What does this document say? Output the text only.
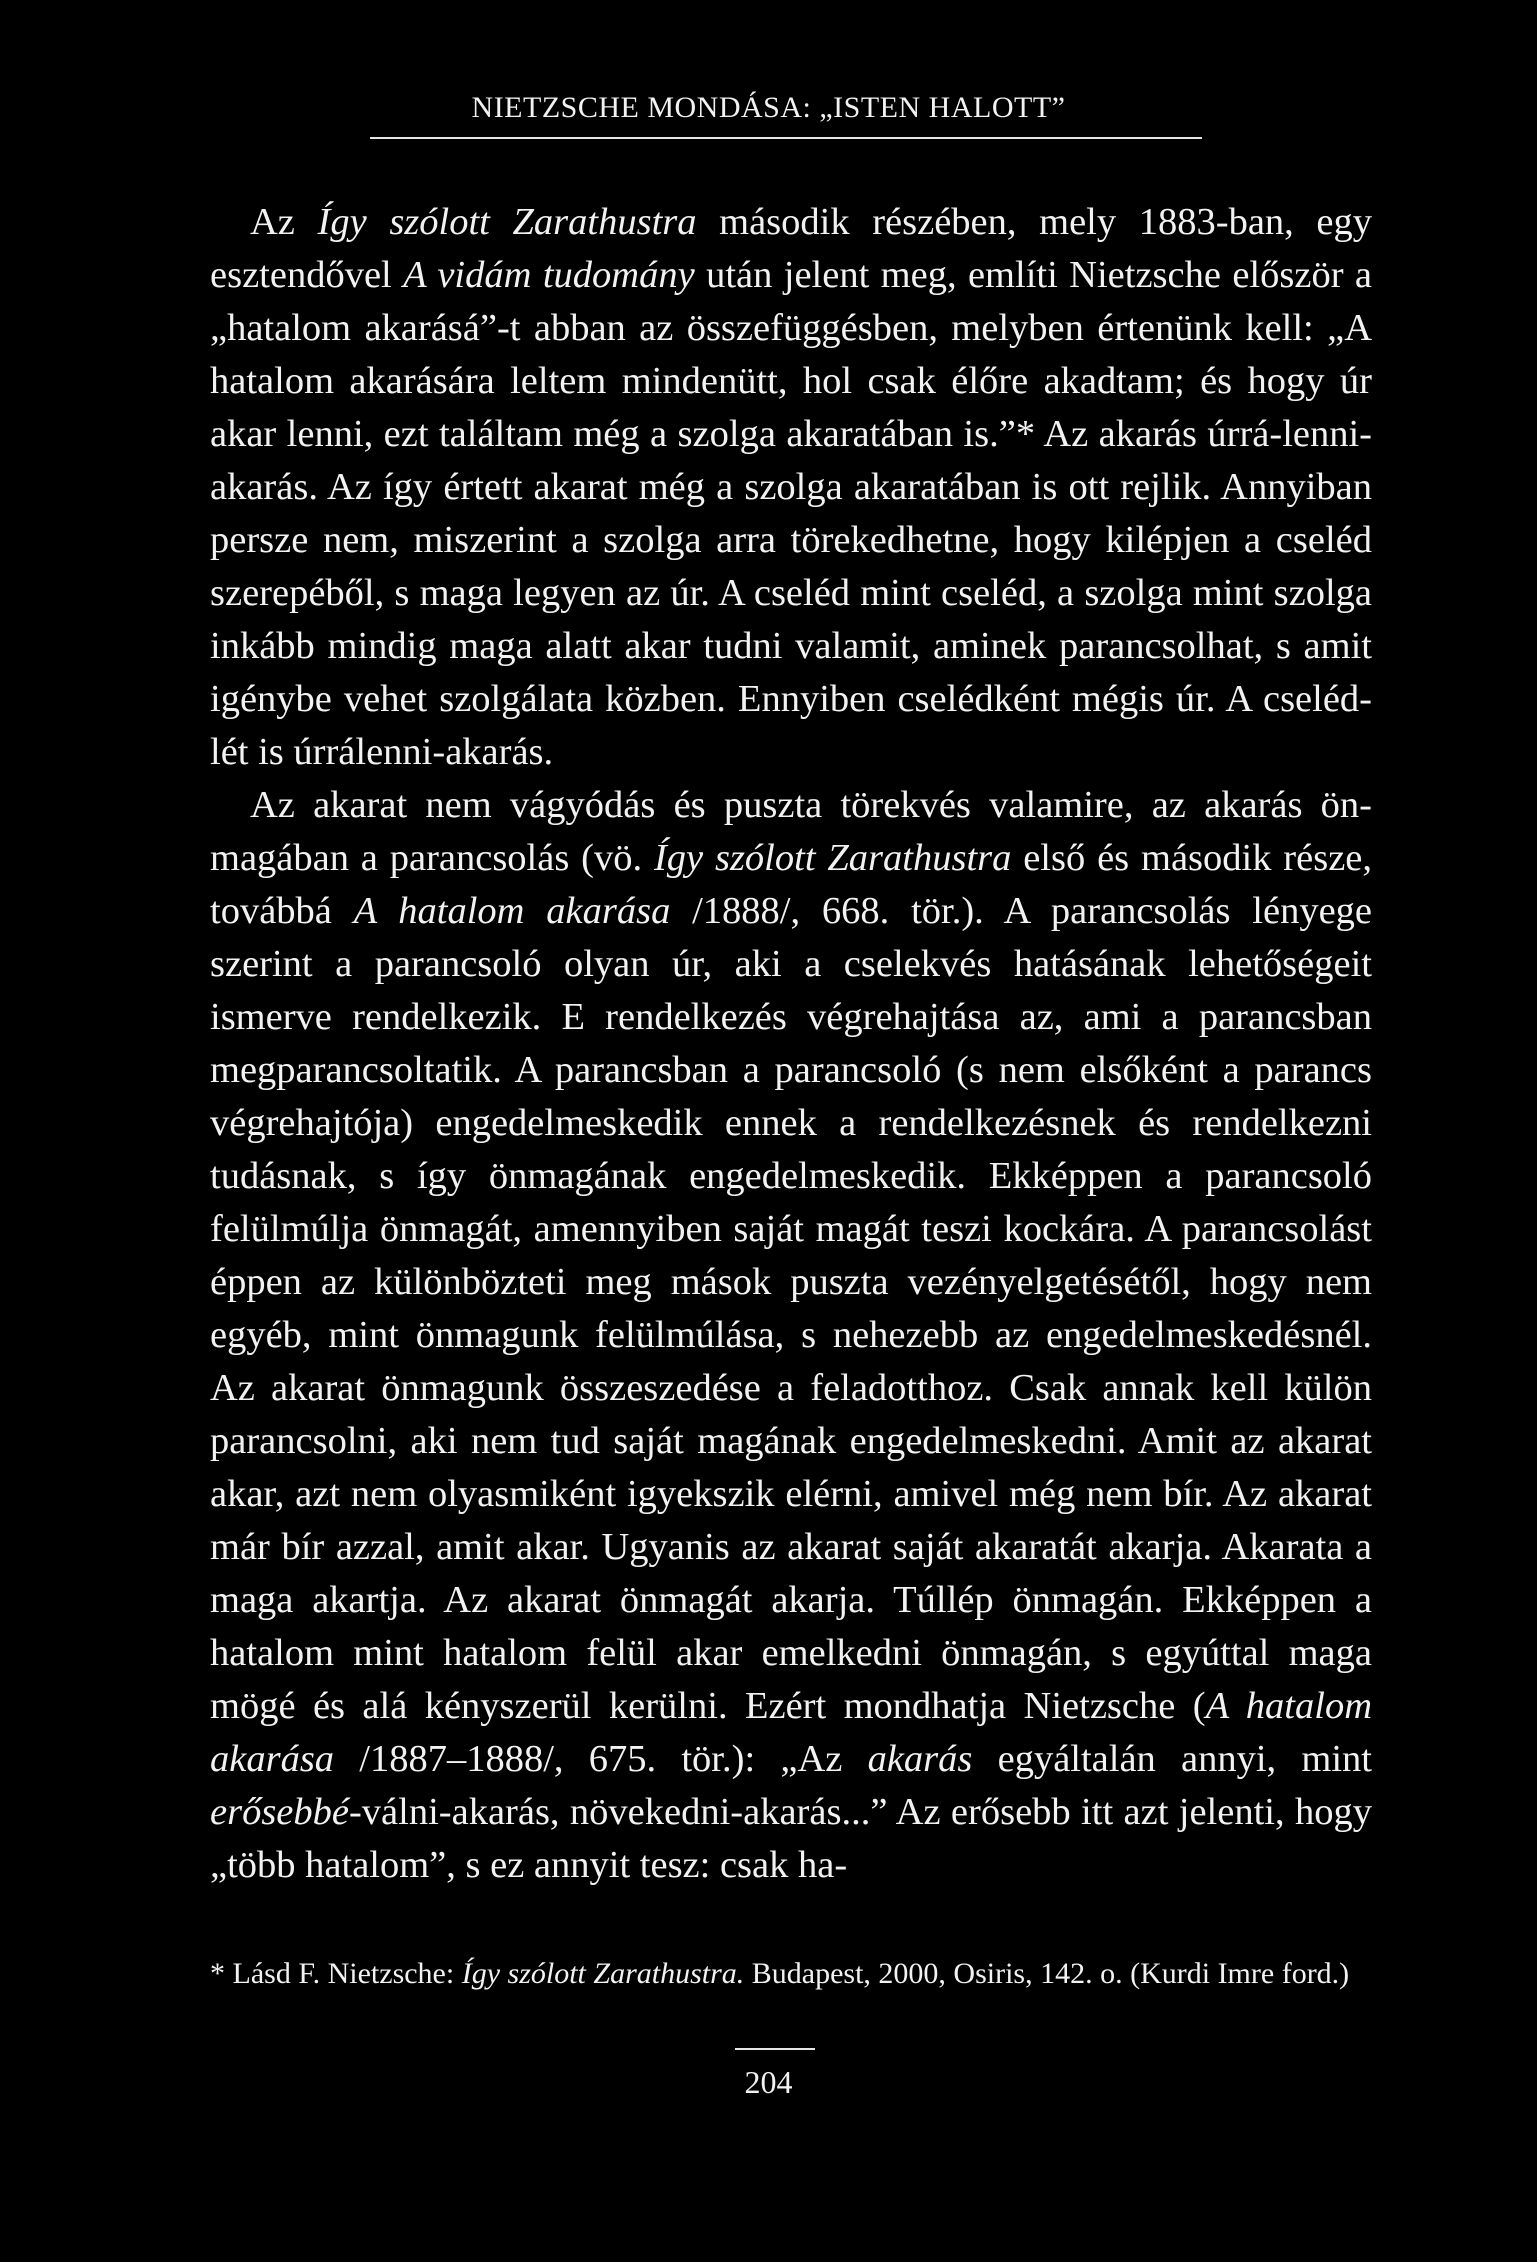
NIETZSCHE MONDÁSA: „ISTEN HALOTT”

Az Így szólott Zarathustra második részében, mely 1883-ban, egy esztendővel A vidám tudomány után jelent meg, említi Nietzsche először a „hatalom akarásá”-t abban az összefüggésben, melyben értenünk kell: „A hatalom akarására leltem mindenütt, hol csak élőre akadtam; és hogy úr akar lenni, ezt találtam még a szolga akaratában is.”* Az akarás úrrá-lenni-akarás. Az így értett akarat még a szolga akaratában is ott rejlik. Annyiban persze nem, miszerint a szolga arra törekedhetne, hogy kilépjen a cseléd szerepéből, s maga legyen az úr. A cseléd mint cseléd, a szolga mint szolga inkább mindig maga alatt akar tudni valamit, aminek parancsolhat, s amit igénybe vehet szolgálata közben. Ennyiben cselédként mégis úr. A cseléd-lét is úrrálenni-akarás.

Az akarat nem vágyódás és puszta törekvés valamire, az akarás önmagában a parancsolás (vö. Így szólott Zarathustra első és második része, továbbá A hatalom akarása /1888/, 668. tör.). A parancsolás lényege szerint a parancsoló olyan úr, aki a cselekvés hatásának lehetőségeit ismerve rendelkezik. E rendelkezés végrehajtása az, ami a parancsban megparancsoltatik. A parancsban a parancsoló (s nem elsőként a parancs végrehajtója) engedelmeskedik ennek a rendelkezésnek és rendelkezni tudásnak, s így önmagának engedelmeskedik. Ekképpen a parancsoló felülmúlja önmagát, amennyiben saját magát teszi kockára. A parancsolást éppen az különbözteti meg mások puszta vezényelgetésétől, hogy nem egyéb, mint önmagunk felülmúlása, s nehezebb az engedelmeskedésnél. Az akarat önmagunk összeszedése a feladotthoz. Csak annak kell külön parancsolni, aki nem tud saját magának engedelmeskedni. Amit az akarat akar, azt nem olyasmiként igyekszik elérni, amivel még nem bír. Az akarat már bír azzal, amit akar. Ugyanis az akarat saját akaratát akarja. Akarata a maga akartja. Az akarat önmagát akarja. Túllép önmagán. Ekképpen a hatalom mint hatalom felül akar emelkedni önmagán, s egyúttal maga mögé és alá kényszerül kerülni. Ezért mondhatja Nietzsche (A hatalom akarása /1887–1888/, 675. tör.): „Az akarás egyáltalán annyi, mint erősebbé-válni-akarás, növekedni-akarás...” Az erősebb itt azt jelenti, hogy „több hatalom”, s ez annyit tesz: csak ha-

* Lásd F. Nietzsche: Így szólott Zarathustra. Budapest, 2000, Osiris, 142. o. (Kurdi Imre ford.)
204
